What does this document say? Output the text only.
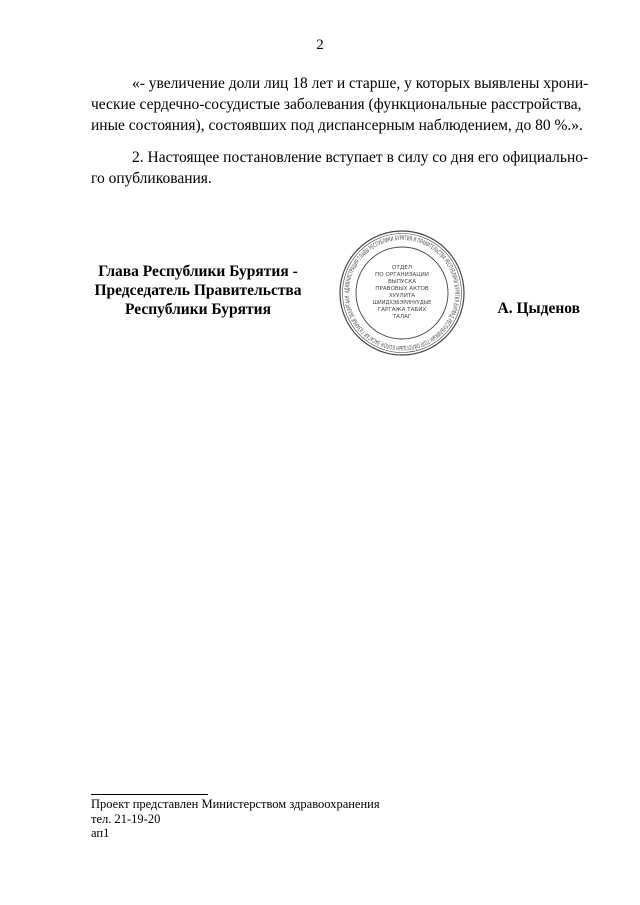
2
«- увеличение доли лиц 18 лет и старше, у которых выявлены хрони-
ческие сердечно-сосудистые заболевания (функциональные расстройства,
иные состояния), состоявших под диспансерным наблюдением, до 80 %.».
2. Настоящее постановление вступает в силу со дня его официально-
го опубликования.
Глава Республики Бурятия -
Председатель Правительства
Республики Бурятия
АДМИНИСТРАЦИЯ ГЛАВЫ РЕСПУБЛИКИ БУРЯТИЯ И ПРАВИТЕЛЬСТВА РЕСПУБЛИКИ БУРЯТИЯ БУРЯАД РЕСПУБЛИКЫН ТОЛГОЙЛОГШЫН БОЛОН ЗАСАГАЙ ГАЗАРАЙ ЗАХИРГААН
ОТДЕЛ
ПО ОРГАНИЗАЦИИ
ВЫПУСКА
ПРАВОВЫХ АКТОВ
ХУУЛИТА
ШИИДХЭБЭРИНУУДЫЕ
ГАРГАЖА ТАБИХ
ТАЛАГ	А. Цыденов
Проект представлен Министерством здравоохранения
тел. 21-19-20
ап1
